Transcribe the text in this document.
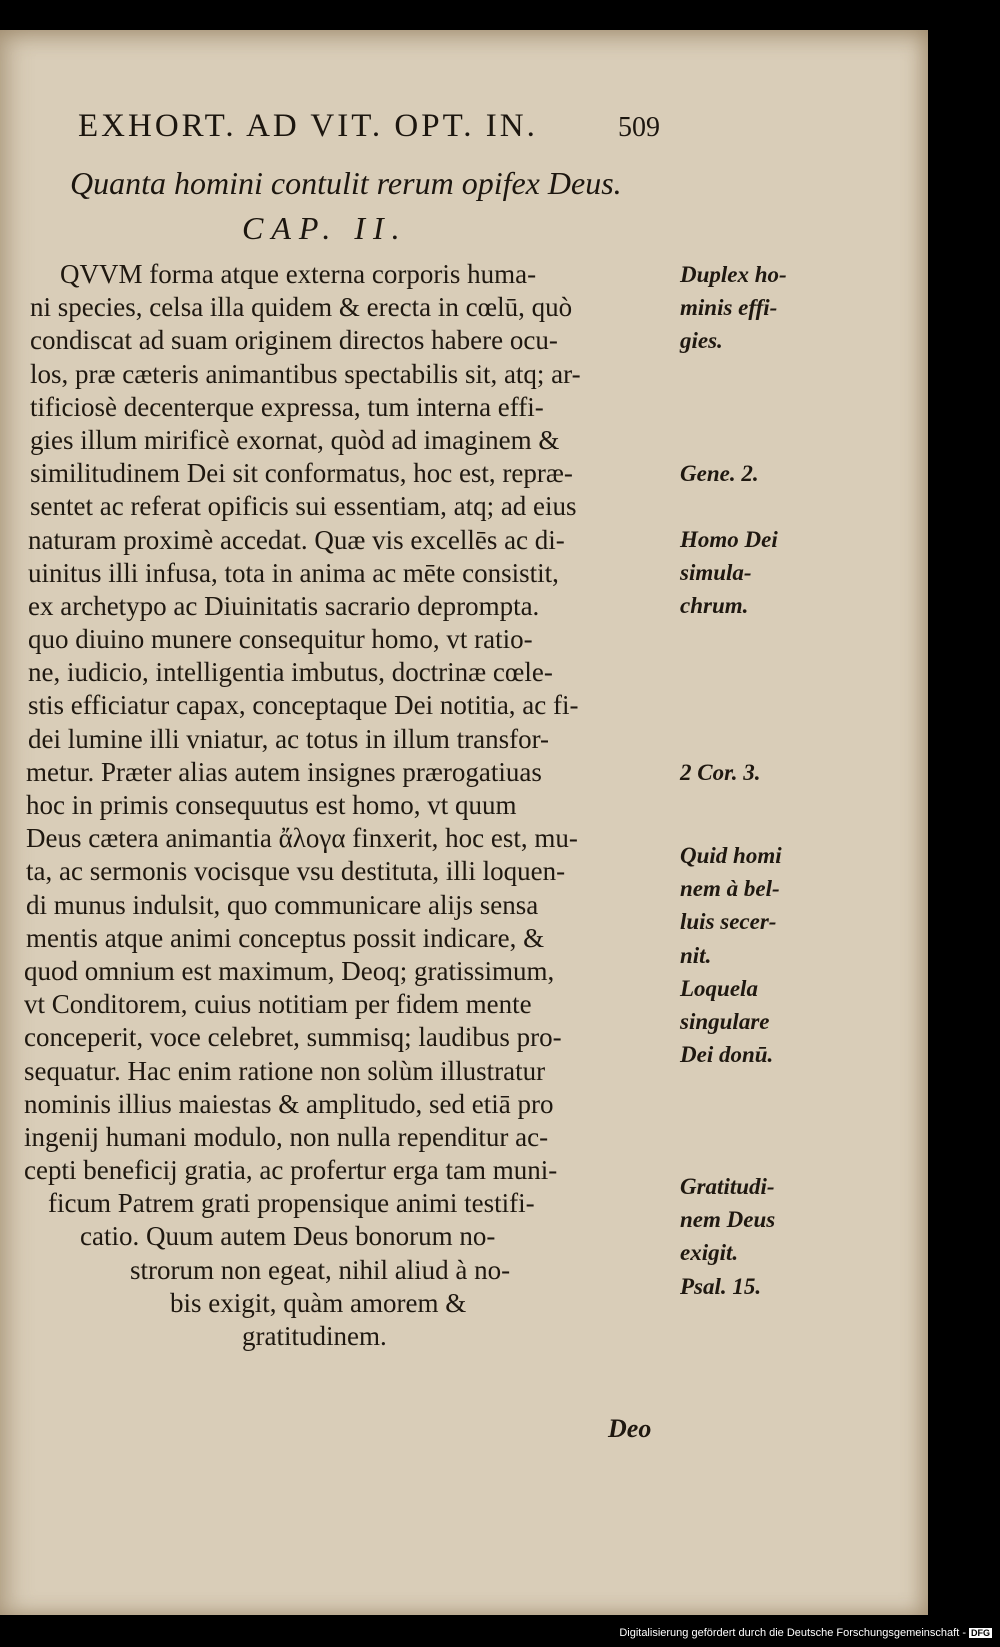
EXHORT. AD VIT. OPT. IN.	509
Quanta homini contulit rerum opifex Deus.
CAP. II.
QVVM forma atque externa corporis huma-
ni species, celsa illa quidem & erecta in cœlū, quò
condiscat ad suam originem directos habere ocu-
los, præ cæteris animantibus spectabilis sit, atq; ar-
tificiosè decenterque expressa, tum interna effi-
gies illum mirificè exornat, quòd ad imaginem &
similitudinem Dei sit conformatus, hoc est, repræ-
sentet ac referat opificis sui essentiam, atq; ad eius
naturam proximè accedat. Quæ vis excellēs ac di-
uinitus illi infusa, tota in anima ac mēte consistit,
ex archetypo ac Diuinitatis sacrario deprompta.
quo diuino munere consequitur homo, vt ratio-
ne, iudicio, intelligentia imbutus, doctrinæ cœle-
stis efficiatur capax, conceptaque Dei notitia, ac fi-
dei lumine illi vniatur, ac totus in illum transfor-
metur. Præter alias autem insignes prærogatiuas
hoc in primis consequutus est homo, vt quum
Deus cætera animantia ἄλογα finxerit, hoc est, mu-
ta, ac sermonis vocisque vsu destituta, illi loquen-
di munus indulsit, quo communicare alijs sensa
mentis atque animi conceptus possit indicare, &
quod omnium est maximum, Deoq; gratissimum,
vt Conditorem, cuius notitiam per fidem mente
conceperit, voce celebret, summisq; laudibus pro-
sequatur. Hac enim ratione non solùm illustratur
nominis illius maiestas & amplitudo, sed etiā pro
ingenij humani modulo, non nulla rependitur ac-
cepti beneficij gratia, ac profertur erga tam muni-
ficum Patrem grati propensique animi testifi-
catio. Quum autem Deus bonorum no-
strorum non egeat, nihil aliud à no-
bis exigit, quàm amorem &
gratitudinem.
Duplex ho-
minis effi-
gies.
Gene. 2.
Homo Dei
simula-
chrum.
2 Cor. 3.
Quid homi
nem à bel-
luis secer-
nit.
Loquela
singulare
Dei donū.
Gratitudi-
nem Deus
exigit.
Psal. 15.
Deo
Digitalisierung gefördert durch die Deutsche Forschungsgemeinschaft - DFG
